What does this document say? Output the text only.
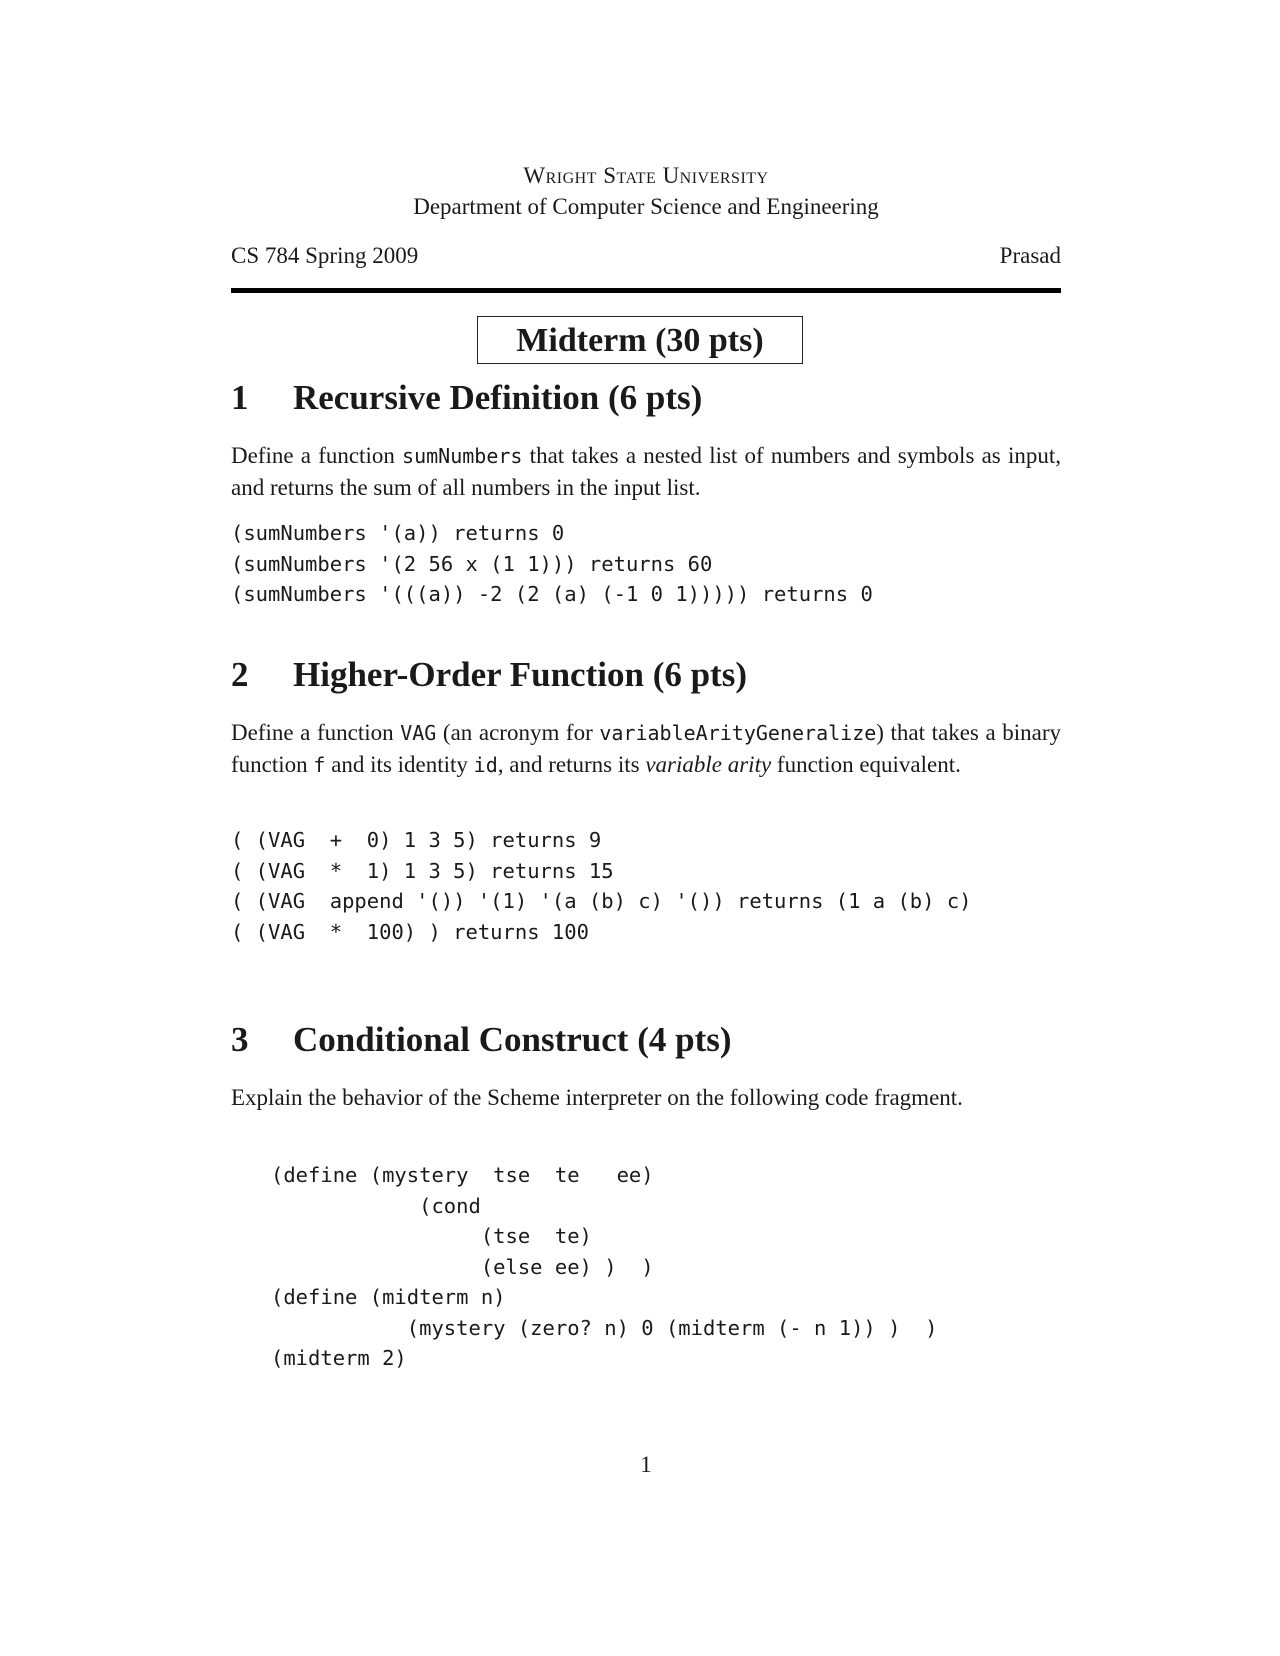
Wright State University
Department of Computer Science and Engineering
CS 784 Spring 2009	Prasad
Midterm (30 pts)
1 Recursive Definition (6 pts)
Define a function sumNumbers that takes a nested list of numbers and symbols as input, and returns the sum of all numbers in the input list.
(sumNumbers '(a)) returns 0
(sumNumbers '(2 56 x (1 1))) returns 60
(sumNumbers '(((a)) -2 (2 (a) (-1 0 1))))) returns 0
2 Higher-Order Function (6 pts)
Define a function VAG (an acronym for variableArityGeneralize) that takes a binary function f and its identity id, and returns its variable arity function equivalent.
( (VAG  +  0) 1 3 5) returns 9
( (VAG  *  1) 1 3 5) returns 15
( (VAG  append '()) '(1) '(a (b) c) '()) returns (1 a (b) c)
( (VAG  *  100) ) returns 100
3 Conditional Construct (4 pts)
Explain the behavior of the Scheme interpreter on the following code fragment.
(define (mystery  tse  te   ee)
(cond
(tse  te)
(else ee) )  )
(define (midterm n)
(mystery (zero? n) 0 (midterm (- n 1)) )  )
(midterm 2)
1
